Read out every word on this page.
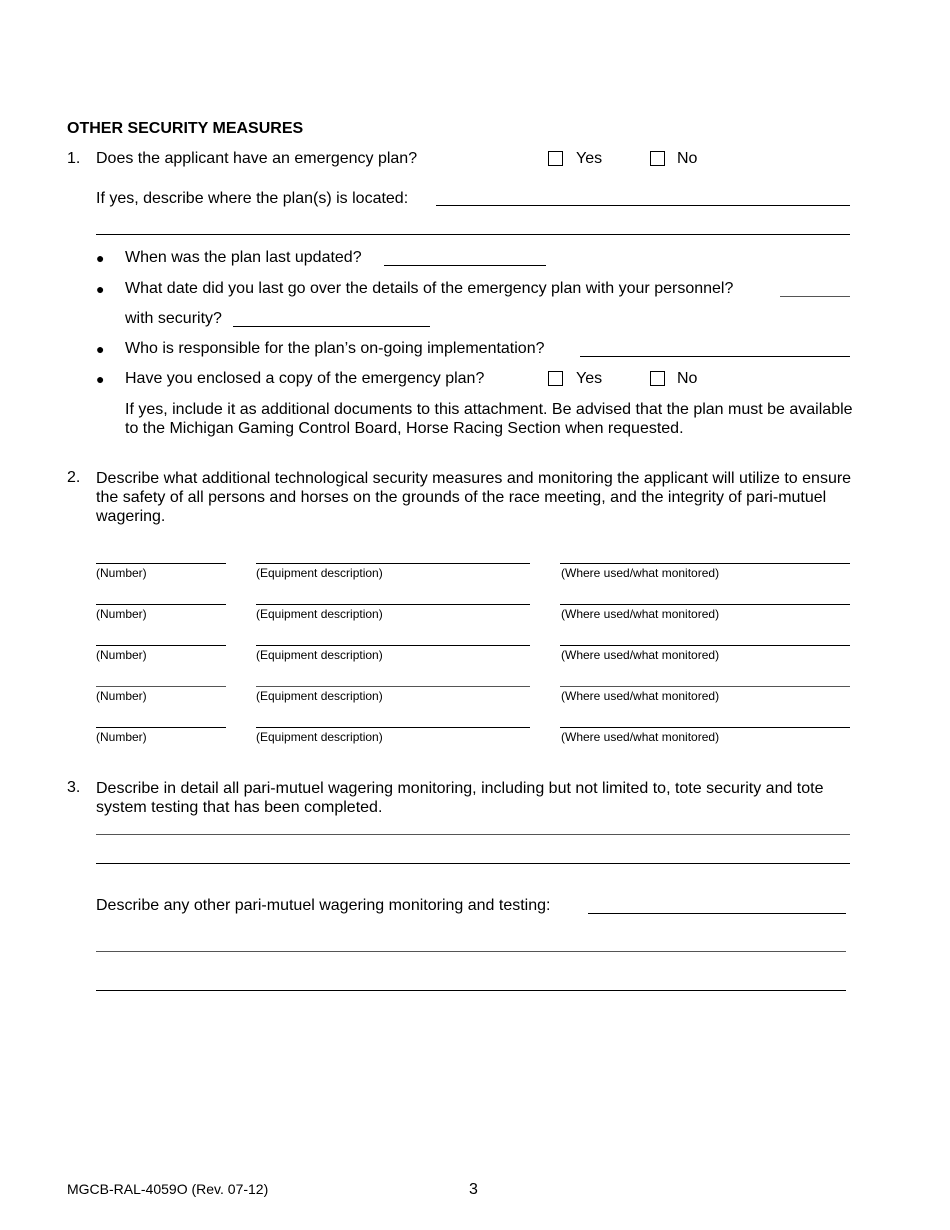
OTHER SECURITY MEASURES
1. Does the applicant have an emergency plan?	Yes	No
If yes, describe where the plan(s) is located:
● When was the plan last updated?
● What date did you last go over the details of the emergency plan with your personnel?
with security?
● Who is responsible for the plan’s on-going implementation?
● Have you enclosed a copy of the emergency plan?	Yes	No
If yes, include it as additional documents to this attachment. Be advised that the plan must be available to the Michigan Gaming Control Board, Horse Racing Section when requested.
2. Describe what additional technological security measures and monitoring the applicant will utilize to ensure the safety of all persons and horses on the grounds of the race meeting, and the integrity of pari-mutuel wagering.
(Number)	(Equipment description)	(Where used/what monitored)
(Number)	(Equipment description)	(Where used/what monitored)
(Number)	(Equipment description)	(Where used/what monitored)
(Number)	(Equipment description)	(Where used/what monitored)
(Number)	(Equipment description)	(Where used/what monitored)
3. Describe in detail all pari-mutuel wagering monitoring, including but not limited to, tote security and tote system testing that has been completed.
Describe any other pari-mutuel wagering monitoring and testing:
MGCB-RAL-4059O (Rev. 07-12)	3
